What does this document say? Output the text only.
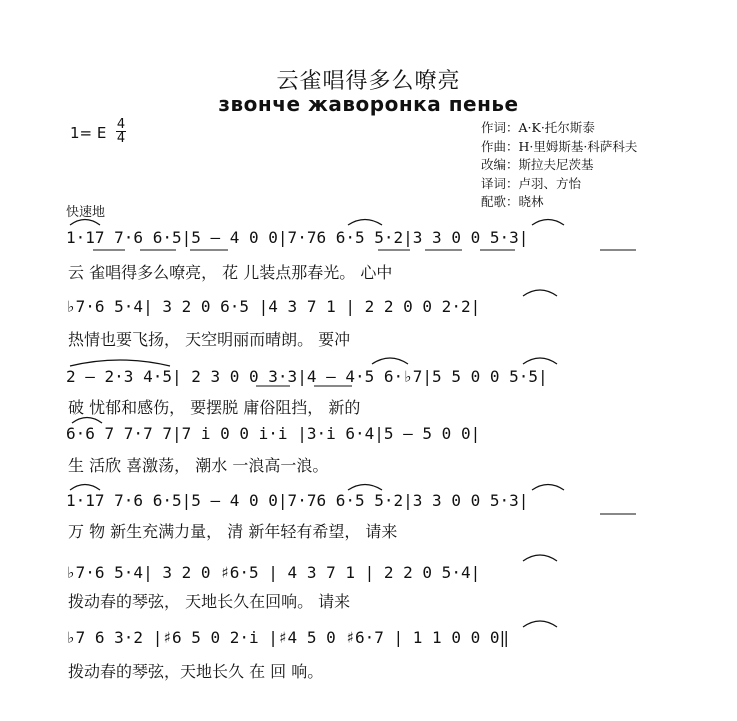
云雀唱得多么嘹亮
звонче жаворонка пенье
1= E 4
4
作词：A·K·托尔斯泰
作曲：H·里姆斯基·科萨科夫
改编：斯拉夫尼茨基
译词：卢羽、方怡
配歌：晓林
快速地
1·17 7·6 6·5|5 – 4 0 0|7·76 6·5 5·2|3 3 0 0 5·3|
云 雀唱得多么嘹亮， 花 儿装点那春光。 心中
♭7·6 5·4| 3 2 0 6·5 |4 3 7 1 | 2 2 0 0 2·2|
热情也要飞扬， 天空明丽而晴朗。 要冲
2 – 2·3 4·5| 2 3 0 0 3·3|4 – 4·5 6·♭7|5 5 0 0 5·5|
破 忧郁和感伤， 要摆脱 庸俗阻挡， 新的
6·6 7 7·7 7|7 i 0 0 i·i |3·i 6·4|5 – 5 0 0|
生 活欣 喜激荡， 潮水 一浪高一浪。
1·17 7·6 6·5|5 – 4 0 0|7·76 6·5 5·2|3 3 0 0 5·3|
万 物 新生充满力量， 清 新年轻有希望， 请来
♭7·6 5·4| 3 2 0 ♯6·5 | 4 3 7 1 | 2 2 0 5·4|
拨动春的琴弦， 天地长久在回响。 请来
♭7 6 3·2 |♯6 5 0 2·i |♯4 5 0 ♯6·7 | 1 1 0 0 0‖
拨动春的琴弦，天地长久 在 回 响。
